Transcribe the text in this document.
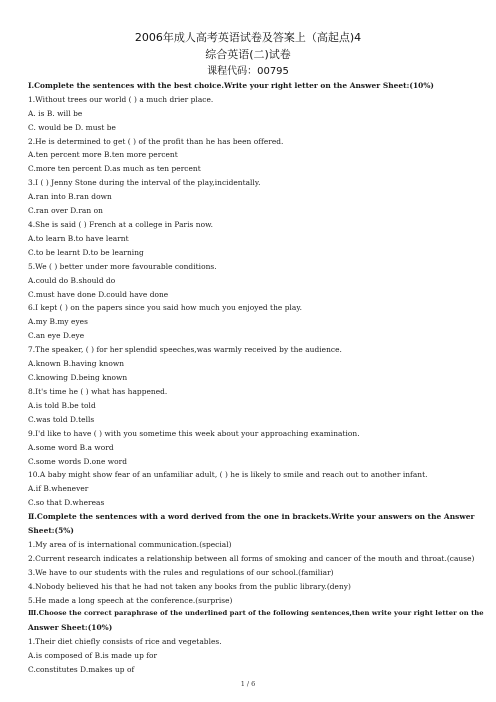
2006年成人高考英语试卷及答案上（高起点)4
综合英语(二)试卷
课程代码：00795
Ⅰ.Complete the sentences with the best choice.Write your right letter on the Answer Sheet:(10%)
1.Without trees our world ( ) a much drier place.
A. is B. will be
C. would be D. must be
2.He is determined to get ( ) of the profit than he has been offered.
A.ten percent more B.ten more percent
C.more ten percent D.as much as ten percent
3.I ( ) Jenny Stone during the interval of the play,incidentally.
A.ran into B.ran down
C.ran over D.ran on
4.She is said ( ) French at a college in Paris now.
A.to learn B.to have learnt
C.to be learnt D.to be learning
5.We ( ) better under more favourable conditions.
A.could do B.should do
C.must have done D.could have done
6.I kept ( ) on the papers since you said how much you enjoyed the play.
A.my B.my eyes
C.an eye D.eye
7.The speaker, ( ) for her splendid speeches,was warmly received by the audience.
A.known B.having known
C.knowing D.being known
8.It's time he ( ) what has happened.
A.is told B.be told
C.was told D.tells
9.I'd like to have ( ) with you sometime this week about your approaching examination.
A.some word B.a word
C.some words D.one word
10.A baby might show fear of an unfamiliar adult, ( ) he is likely to smile and reach out to another infant.
A.if B.whenever
C.so that D.whereas
Ⅱ.Complete the sentences with a word derived from the one in brackets.Write your answers on the Answer
Sheet:(5%)
1.My area of is international communication.(special)
2.Current research indicates a relationship between all forms of smoking and cancer of the mouth and throat.(cause)
3.We have to our students with the rules and regulations of our school.(familiar)
4.Nobody believed his that he had not taken any books from the public library.(deny)
5.He made a long speech at the conference.(surprise)
Ⅲ.Choose the correct paraphrase of the underlined part of the following sentences,then write your right letter on the
Answer Sheet:(10%)
1.Their diet chiefly consists of rice and vegetables.
A.is composed of B.is made up for
C.constitutes D.makes up of
1 / 6
